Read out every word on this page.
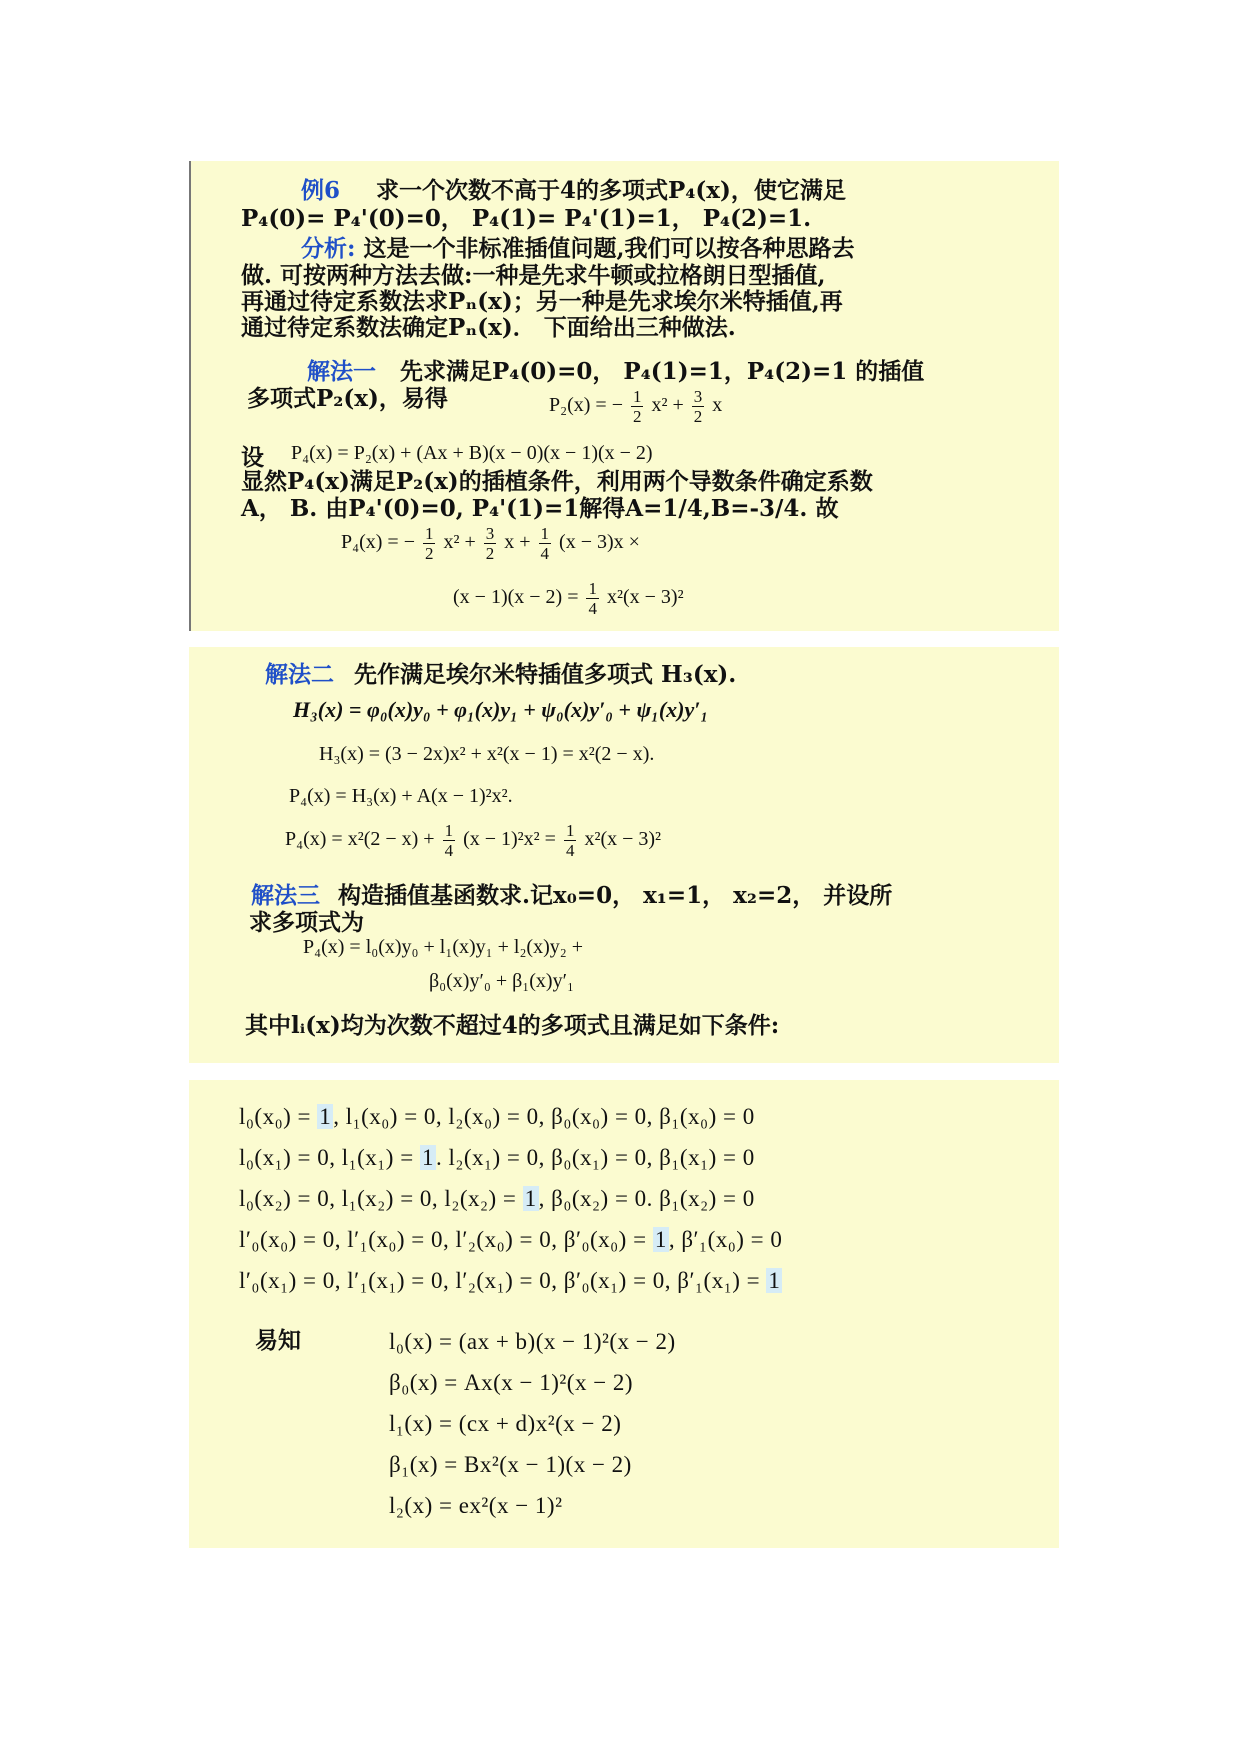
例6 求一个次数不高于4的多项式P₄(x)，使它满足
P₄(0)= P₄'(0)=0， P₄(1)= P₄'(1)=1， P₄(2)=1.
分析: 这是一个非标准插值问题,我们可以按各种思路去
做. 可按两种方法去做:一种是先求牛顿或拉格朗日型插值,
再通过待定系数法求Pₙ(x)；另一种是先求埃尔米特插值,再
通过待定系数法确定Pₙ(x)． 下面给出三种做法.
解法一 先求满足P₄(0)=0， P₄(1)=1，P₄(2)=1 的插值
多项式P₂(x)，易得	P₂(x) = − $\frac{1}{2} x^2 + \frac{3}{2}$ x
设 P₄(x) = P₂(x) + (Ax + B)(x − 0)(x − 1)(x − 2)
显然P₄(x)满足P₂(x)的插植条件，利用两个导数条件确定系数
A， B. 由P₄'(0)=0, P₄'(1)=1解得A=1/4,B=-3/4. 故
P₄(x) = − $\frac{1}{2} x^2 + \frac{3}{2}$ $x + \frac{1}{4} (x - 3)x$ ×
$(x - 1)(x - 2) = \frac{1}{4} x^2(x - 3)^2$
解法二 先作满足埃尔米特插值多项式 H₃(x).
H₃(x) = φ₀(x)y₀ + φ₁(x)y₁ + ψ₀(x)y′₀ + ψ₁(x)y′₁
H₃(x) = (3 − 2x)x² + x²(x − 1) = x²(2 − x).
P₄(x) = H₃(x) + A(x − 1)²x².
$P_4(x) = x^2(2 - x) + \frac{1}{4} (x - 1)^2x^2 = \frac{1}{4} x^2(x - 3)^2$
解法三 构造插值基函数求.记x₀=0， x₁=1， x₂=2， 并设所
求多项式为
P₄(x) = l₀(x)y₀ + l₁(x)y₁ + l₂(x)y₂ +
β₀(x)y′₀ + β₁(x)y′₁
其中lᵢ(x)均为次数不超过4的多项式且满足如下条件:
l₀(x₀) = 1, l₁(x₀) = 0, l₂(x₀) = 0, β₀(x₀) = 0, β₁(x₀) = 0
l₀(x₁) = 0, l₁(x₁) = 1. l₂(x₁) = 0, β₀(x₁) = 0, β₁(x₁) = 0
l₀(x₂) = 0, l₁(x₂) = 0, l₂(x₂) = 1, β₀(x₂) = 0. β₁(x₂) = 0
l′₀(x₀) = 0, l′₁(x₀) = 0, l′₂(x₀) = 0, β′₀(x₀) = 1, β′₁(x₀) = 0
l′₀(x₁) = 0, l′₁(x₁) = 0, l′₂(x₁) = 0, β′₀(x₁) = 0, β′₁(x₁) = 1
易知	l₀(x) = (ax + b)(x − 1)²(x − 2)
β₀(x) = Ax(x − 1)²(x − 2)
l₁(x) = (cx + d)x²(x − 2)
β₁(x) = Bx²(x − 1)(x − 2)
l₂(x) = ex²(x − 1)²
